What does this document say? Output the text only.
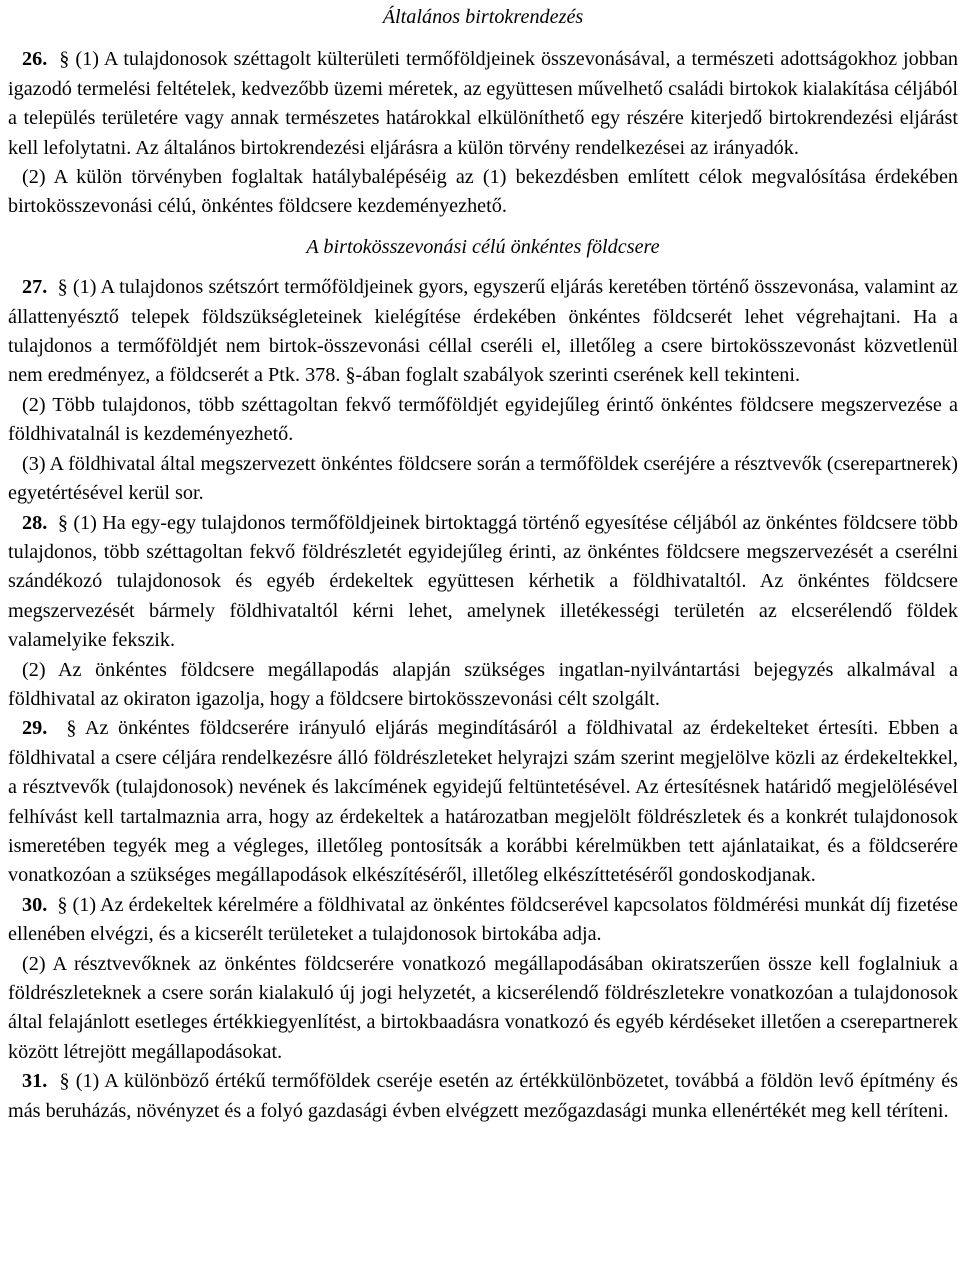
Általános birtokrendezés

26. § (1) A tulajdonosok széttagolt külterületi termőföldjeinek összevonásával, a természeti adottságokhoz jobban igazodó termelési feltételek, kedvezőbb üzemi méretek, az együttesen művelhető családi birtokok kialakítása céljából a település területére vagy annak természetes határokkal elkülöníthető egy részére kiterjedő birtokrendezési eljárást kell lefolytatni. Az általános birtokrendezési eljárásra a külön törvény rendelkezései az irányadók.

(2) A külön törvényben foglaltak hatálybalépéséig az (1) bekezdésben említett célok megvalósítása érdekében birtokösszevonási célú, önkéntes földcsere kezdeményezhető.

A birtokösszevonási célú önkéntes földcsere

27. § (1) A tulajdonos szétszórt termőföldjeinek gyors, egyszerű eljárás keretében történő összevonása, valamint az állattenyésztő telepek földszükségleteinek kielégítése érdekében önkéntes földcserét lehet végrehajtani. Ha a tulajdonos a termőföldjét nem birtok-összevonási céllal cseréli el, illetőleg a csere birtokösszevonást közvetlenül nem eredményez, a földcserét a Ptk. 378. §-ában foglalt szabályok szerinti cserének kell tekinteni.

(2) Több tulajdonos, több széttagoltan fekvő termőföldjét egyidejűleg érintő önkéntes földcsere megszervezése a földhivatalnál is kezdeményezhető.

(3) A földhivatal által megszervezett önkéntes földcsere során a termőföldek cseréjére a résztvevők (cserepartnerek) egyetértésével kerül sor.

28. § (1) Ha egy-egy tulajdonos termőföldjeinek birtoktaggá történő egyesítése céljából az önkéntes földcsere több tulajdonos, több széttagoltan fekvő földrészletét egyidejűleg érinti, az önkéntes földcsere megszervezését a cserélni szándékozó tulajdonosok és egyéb érdekeltek együttesen kérhetik a földhivataltól. Az önkéntes földcsere megszervezését bármely földhivataltól kérni lehet, amelynek illetékességi területén az elcserélendő földek valamelyike fekszik.

(2) Az önkéntes földcsere megállapodás alapján szükséges ingatlan-nyilvántartási bejegyzés alkalmával a földhivatal az okiraton igazolja, hogy a földcsere birtokösszevonási célt szolgált.

29. § Az önkéntes földcserére irányuló eljárás megindításáról a földhivatal az érdekelteket értesíti. Ebben a földhivatal a csere céljára rendelkezésre álló földrészleteket helyrajzi szám szerint megjelölve közli az érdekeltekkel, a résztvevők (tulajdonosok) nevének és lakcímének egyidejű feltüntetésével. Az értesítésnek határidő megjelölésével felhívást kell tartalmaznia arra, hogy az érdekeltek a határozatban megjelölt földrészletek és a konkrét tulajdonosok ismeretében tegyék meg a végleges, illetőleg pontosítsák a korábbi kérelmükben tett ajánlataikat, és a földcserére vonatkozóan a szükséges megállapodások elkészítéséről, illetőleg elkészíttetéséről gondoskodjanak.

30. § (1) Az érdekeltek kérelmére a földhivatal az önkéntes földcserével kapcsolatos földmérési munkát díj fizetése ellenében elvégzi, és a kicserélt területeket a tulajdonosok birtokába adja.

(2) A résztvevőknek az önkéntes földcserére vonatkozó megállapodásában okiratszerűen össze kell foglalniuk a földrészleteknek a csere során kialakuló új jogi helyzetét, a kicserélendő földrészletekre vonatkozóan a tulajdonosok által felajánlott esetleges értékkiegyenlítést, a birtokbaadásra vonatkozó és egyéb kérdéseket illetően a cserepartnerek között létrejött megállapodásokat.

31. § (1) A különböző értékű termőföldek cseréje esetén az értékkülönbözetet, továbbá a földön levő építmény és más beruházás, növényzet és a folyó gazdasági évben elvégzett mezőgazdasági munka ellenértékét meg kell téríteni.
